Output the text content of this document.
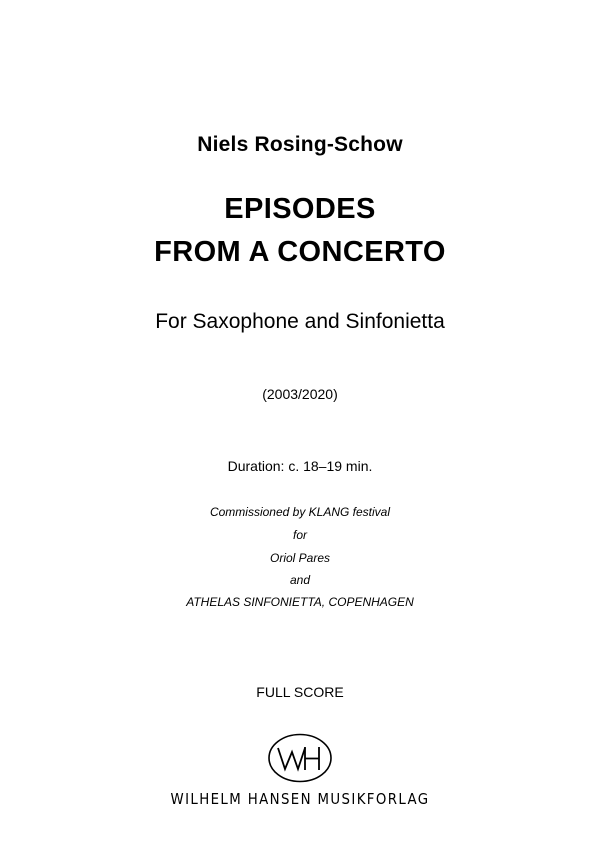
Niels Rosing-Schow
EPISODES
FROM A CONCERTO
For Saxophone and Sinfonietta
(2003/2020)
Duration: c. 18–19 min.
Commissioned by KLANG festival
for
Oriol Pares
and
ATHELAS SINFONIETTA, COPENHAGEN
FULL SCORE
WILHELM HANSEN MUSIKFORLAG
